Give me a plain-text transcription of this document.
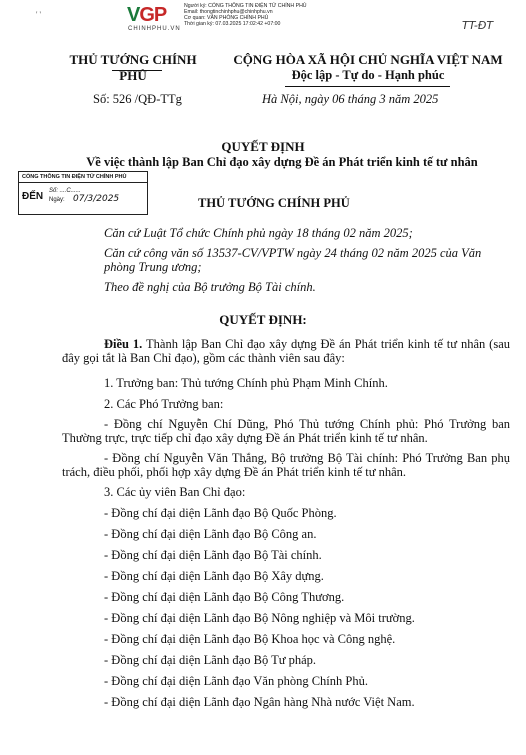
' '	VGP
CHINHPHU.VN
Người ký: CỔNG THÔNG TIN ĐIỆN TỬ CHÍNH PHỦ
Email: thongtinchinhphu@chinhphu.vn
Cơ quan: VĂN PHÒNG CHÍNH PHỦ
Thời gian ký: 07.03.2025 17:02:42 +07:00	TT-ĐT
THỦ TƯỚNG CHÍNH PHỦ
CỘNG HÒA XÃ HỘI CHỦ NGHĨA VIỆT NAM
Độc lập - Tự do - Hạnh phúc
Số: 526 /QĐ-TTg	Hà Nội, ngày 06 tháng 3 năm 2025
QUYẾT ĐỊNH
Về việc thành lập Ban Chỉ đạo xây dựng Đề án Phát triển kinh tế tư nhân
CỔNG THÔNG TIN ĐIỆN TỬ CHÍNH PHỦ
ĐẾN Số: ....C......
Ngày: 07/3/2025	THỦ TƯỚNG CHÍNH PHỦ
Căn cứ Luật Tổ chức Chính phủ ngày 18 tháng 02 năm 2025;
Căn cứ công văn số 13537-CV/VPTW ngày 24 tháng 02 năm 2025 của Văn phòng Trung ương;
Theo đề nghị của Bộ trưởng Bộ Tài chính.
QUYẾT ĐỊNH:
Điều 1. Thành lập Ban Chỉ đạo xây dựng Đề án Phát triển kinh tế tư nhân (sau đây gọi tắt là Ban Chỉ đạo), gồm các thành viên sau đây:
1. Trưởng ban: Thủ tướng Chính phủ Phạm Minh Chính.
2. Các Phó Trưởng ban:
- Đồng chí Nguyễn Chí Dũng, Phó Thủ tướng Chính phủ: Phó Trưởng ban Thường trực, trực tiếp chỉ đạo xây dựng Đề án Phát triển kinh tế tư nhân.
- Đồng chí Nguyễn Văn Thắng, Bộ trưởng Bộ Tài chính: Phó Trưởng Ban phụ trách, điều phối, phối hợp xây dựng Đề án Phát triển kinh tế tư nhân.
3. Các ủy viên Ban Chỉ đạo:
- Đồng chí đại diện Lãnh đạo Bộ Quốc Phòng.
- Đồng chí đại diện Lãnh đạo Bộ Công an.
- Đồng chí đại diện Lãnh đạo Bộ Tài chính.
- Đồng chí đại diện Lãnh đạo Bộ Xây dựng.
- Đồng chí đại diện Lãnh đạo Bộ Công Thương.
- Đồng chí đại diện Lãnh đạo Bộ Nông nghiệp và Môi trường.
- Đồng chí đại diện Lãnh đạo Bộ Khoa học và Công nghệ.
- Đồng chí đại diện Lãnh đạo Bộ Tư pháp.
- Đồng chí đại diện Lãnh đạo Văn phòng Chính Phủ.
- Đồng chí đại diện Lãnh đạo Ngân hàng Nhà nước Việt Nam.
